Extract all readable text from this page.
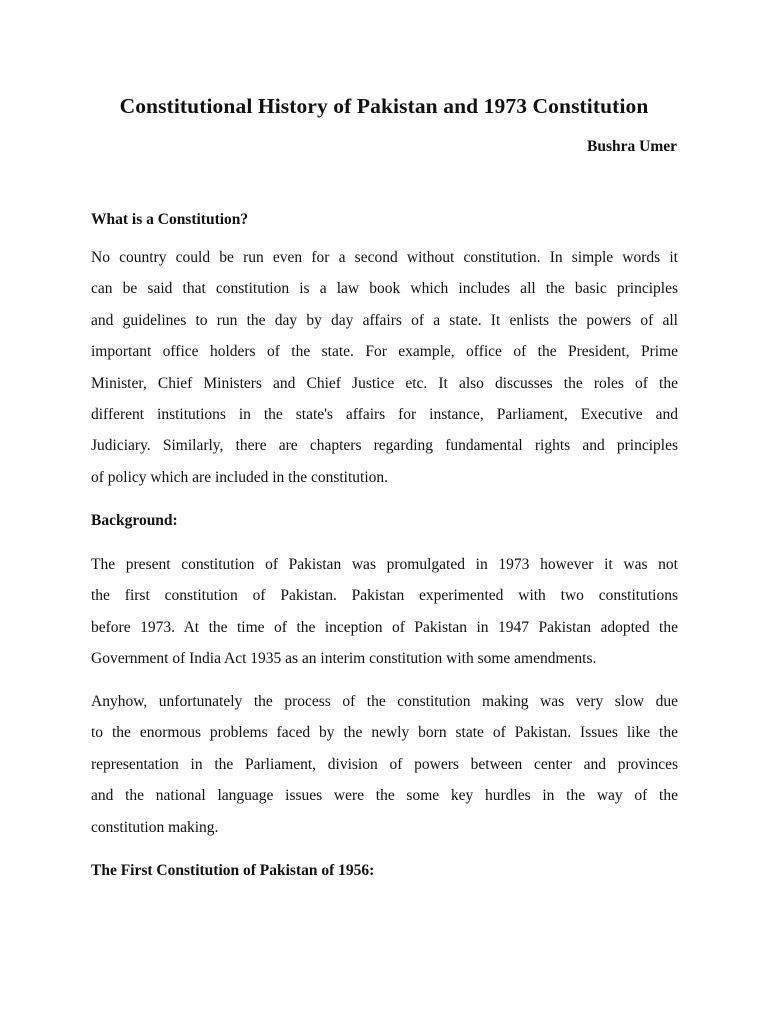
Constitutional History of Pakistan and 1973 Constitution
Bushra Umer
What is a Constitution?
No country could be run even for a second without constitution. In simple words it
can be said that constitution is a law book which includes all the basic principles
and guidelines to run the day by day affairs of a state. It enlists the powers of all
important office holders of the state. For example, office of the President, Prime
Minister, Chief Ministers and Chief Justice etc. It also discusses the roles of the
different institutions in the state's affairs for instance, Parliament, Executive and
Judiciary. Similarly, there are chapters regarding fundamental rights and principles
of policy which are included in the constitution.
Background:
The present constitution of Pakistan was promulgated in 1973 however it was not
the first constitution of Pakistan. Pakistan experimented with two constitutions
before 1973. At the time of the inception of Pakistan in 1947 Pakistan adopted the
Government of India Act 1935 as an interim constitution with some amendments.
Anyhow, unfortunately the process of the constitution making was very slow due
to the enormous problems faced by the newly born state of Pakistan. Issues like the
representation in the Parliament, division of powers between center and provinces
and the national language issues were the some key hurdles in the way of the
constitution making.
The First Constitution of Pakistan of 1956:
